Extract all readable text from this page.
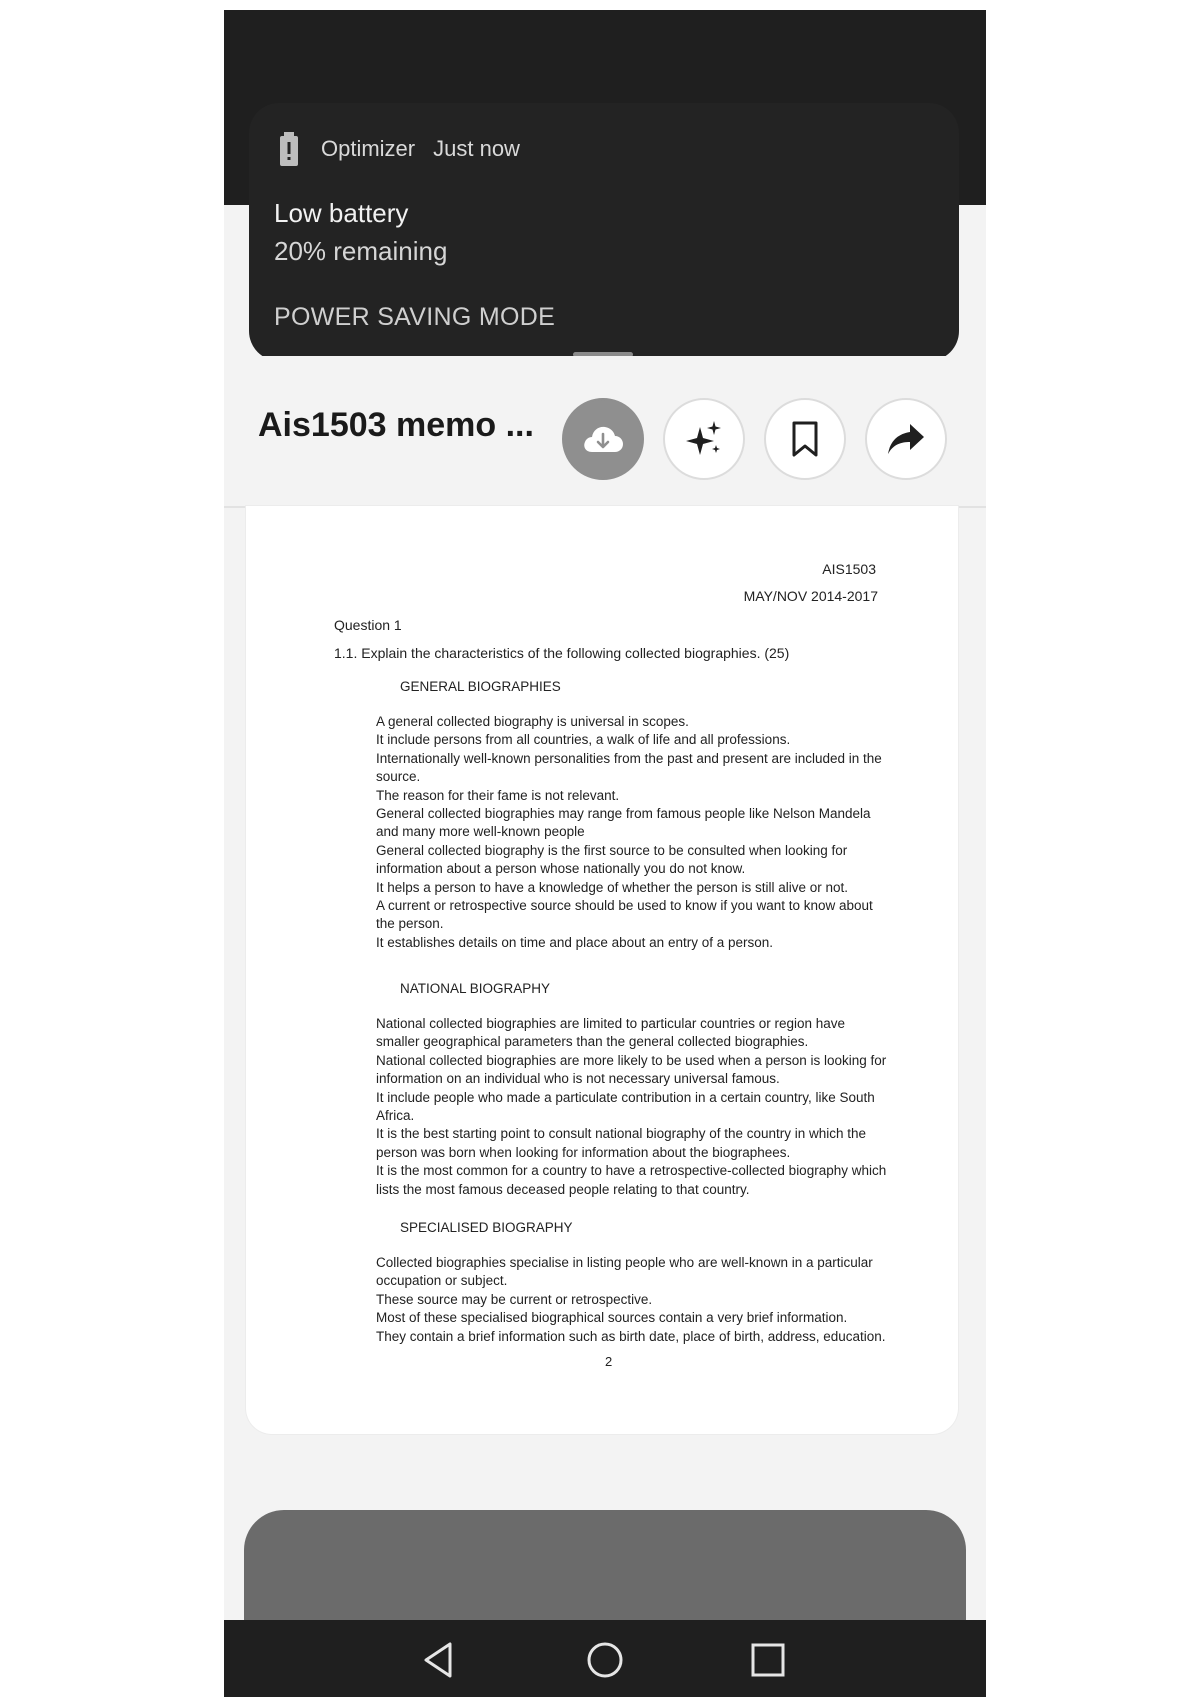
Optimizer Just now
Low battery
20% remaining
POWER SAVING MODE
Ais1503 memo ...
AIS1503
MAY/NOV 2014-2017
Question 1
1.1. Explain the characteristics of the following collected biographies. (25)
GENERAL BIOGRAPHIES
A general collected biography is universal in scopes.
It include persons from all countries, a walk of life and all professions.
Internationally well-known personalities from the past and present are included in the
source.
The reason for their fame is not relevant.
General collected biographies may range from famous people like Nelson Mandela
and many more well-known people
General collected biography is the first source to be consulted when looking for
information about a person whose nationally you do not know.
It helps a person to have a knowledge of whether the person is still alive or not.
A current or retrospective source should be used to know if you want to know about
the person.
It establishes details on time and place about an entry of a person.
NATIONAL BIOGRAPHY
National collected biographies are limited to particular countries or region have
smaller geographical parameters than the general collected biographies.
National collected biographies are more likely to be used when a person is looking for
information on an individual who is not necessary universal famous.
It include people who made a particulate contribution in a certain country, like South
Africa.
It is the best starting point to consult national biography of the country in which the
person was born when looking for information about the biographees.
It is the most common for a country to have a retrospective-collected biography which
lists the most famous deceased people relating to that country.
SPECIALISED BIOGRAPHY
Collected biographies specialise in listing people who are well-known in a particular
occupation or subject.
These source may be current or retrospective.
Most of these specialised biographical sources contain a very brief information.
They contain a brief information such as birth date, place of birth, address, education.
2
